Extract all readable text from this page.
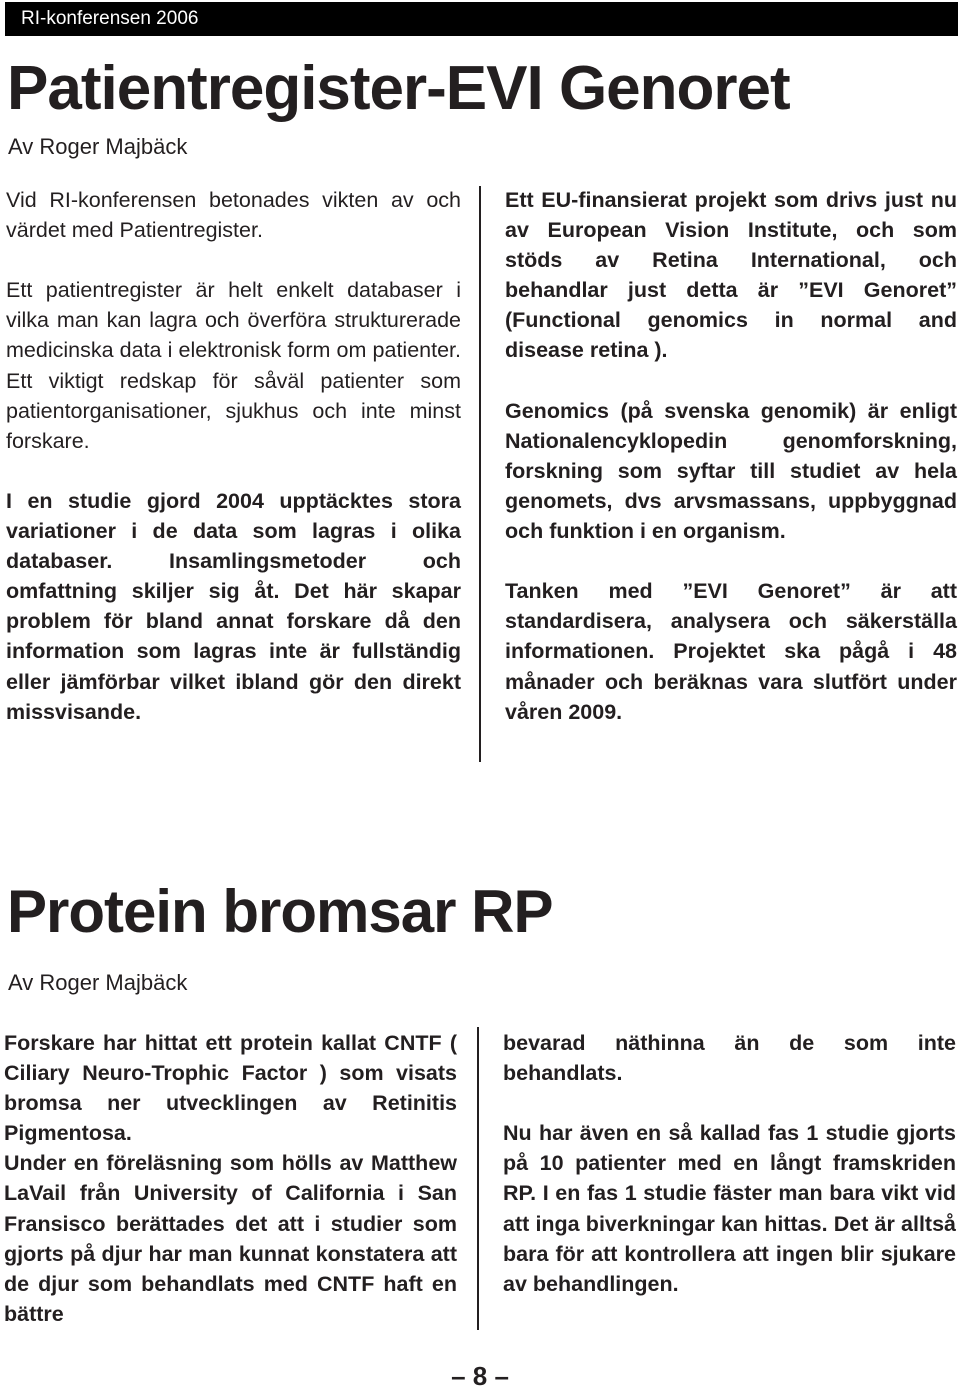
RI-konferensen 2006
Patientregister-EVI Genoret
Av Roger Majbäck

Vid RI-konferensen betonades vikten av och värdet med Patientregister.

Ett patientregister är helt enkelt databaser i vilka man kan lagra och överföra strukturerade medicinska data i elektronisk form om patienter. Ett viktigt redskap för såväl patienter som patientorganisationer, sjukhus och inte minst forskare.

I en studie gjord 2004 upptäcktes stora variationer i de data som lagras i olika databaser. Insamlingsmetoder och omfattning skiljer sig åt. Det här skapar problem för bland annat forskare då den information som lagras inte är fullständig eller jämförbar vilket ibland gör den direkt missvisande.

Ett EU-finansierat projekt som drivs just nu av European Vision Institute, och som stöds av Retina International, och behandlar just detta är ”EVI Genoret” (Functional genomics in normal and disease retina ).

Genomics (på svenska genomik) är enligt Nationalencyklopedin genomforskning, forskning som syftar till studiet av hela genomets, dvs arvsmassans, uppbyggnad och funktion i en organism.

Tanken med ”EVI Genoret” är att standardisera, analysera och säkerställa informationen. Projektet ska pågå i 48 månader och beräknas vara slutfört under våren 2009.

Protein bromsar RP
Av Roger Majbäck

Forskare har hittat ett protein kallat CNTF ( Ciliary Neuro-Trophic Factor ) som visats bromsa ner utvecklingen av Retinitis Pigmentosa.

Under en föreläsning som hölls av Matthew LaVail från University of California i San Fransisco berättades det att i studier som gjorts på djur har man kunnat konstatera att de djur som behandlats med CNTF haft en bättre

bevarad näthinna än de som inte behandlats.

Nu har även en så kallad fas 1 studie gjorts på 10 patienter med en långt framskriden RP. I en fas 1 studie fäster man bara vikt vid att inga biverkningar kan hittas. Det är alltså bara för att kontrollera att ingen blir sjukare av behandlingen.

– 8 –
